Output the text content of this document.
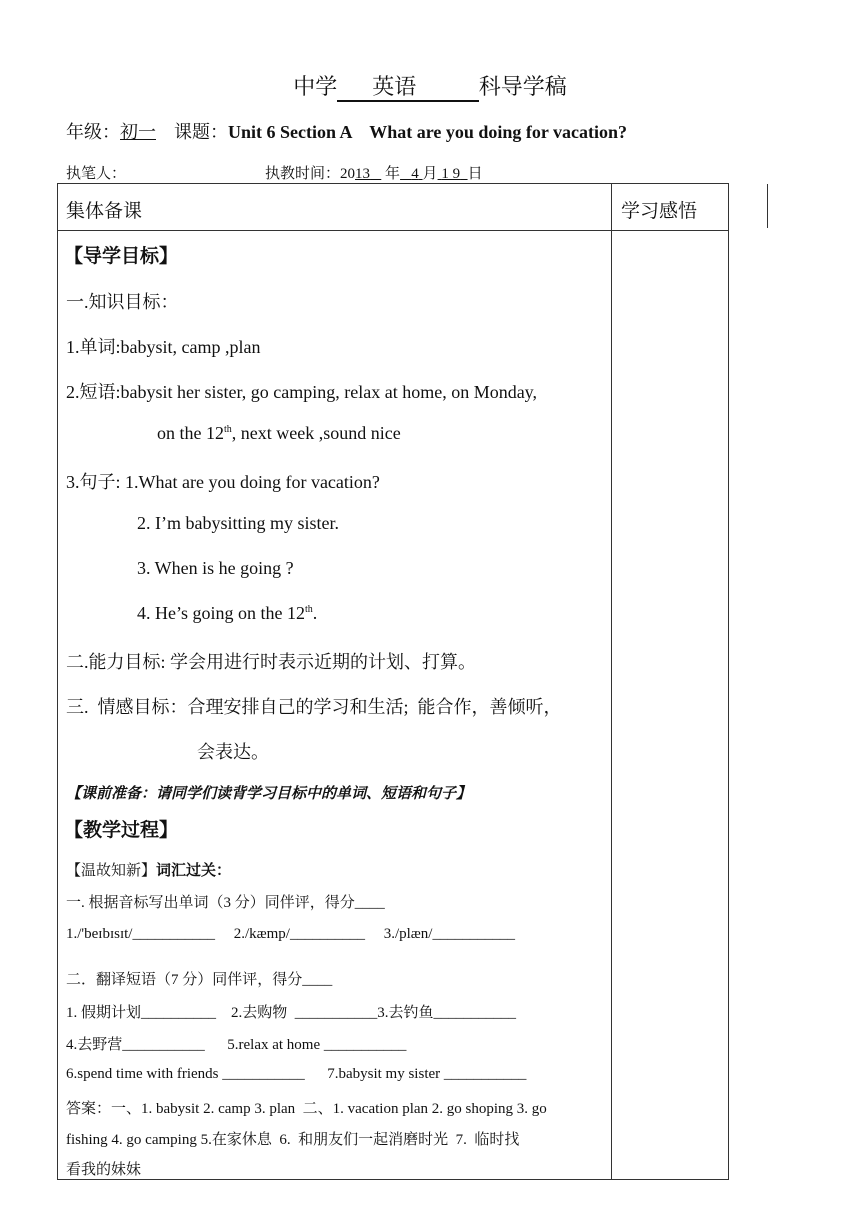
中学 英语	科导学稿
年级：初一 课题：Unit 6 Section A    What are you doing for vacation?
执笔人：	执教时间：2013 年 4 月 1 9 日
集体备课	学习感悟
【导学目标】
一.知识目标：
1.单词:babysit, camp ,plan
2.短语:babysit her sister, go camping, relax at home, on Monday,
on the 12th, next week ,sound nice
3.句子: 1.What are you doing for vacation?
2. I’m babysitting my sister.
3. When is he going ?
4. He’s going on the 12th.
二.能力目标: 学会用进行时表示近期的计划、打算。
三.  情感目标：合理安排自己的学习和生活;  能合作，善倾听，
会表达。
【课前准备：请同学们读背学习目标中的单词、短语和句子】
【教学过程】
【温故知新】词汇过关：
一. 根据音标写出单词（3 分）同伴评，得分____
1./'beɪbɪsɪt/___________     2./kæmp/__________     3./plæn/___________
二．翻译短语（7 分）同伴评，得分____
1. 假期计划__________    2.去购物  ___________3.去钓鱼___________
4.去野营___________      5.relax at home ___________
6.spend time with friends ___________      7.babysit my sister ___________
答案：一、1. babysit 2. camp 3. plan  二、1. vacation plan 2. go shoping 3. go
fishing 4. go camping 5.在家休息  6.  和朋友们一起消磨时光  7.  临时找
看我的妹妹
